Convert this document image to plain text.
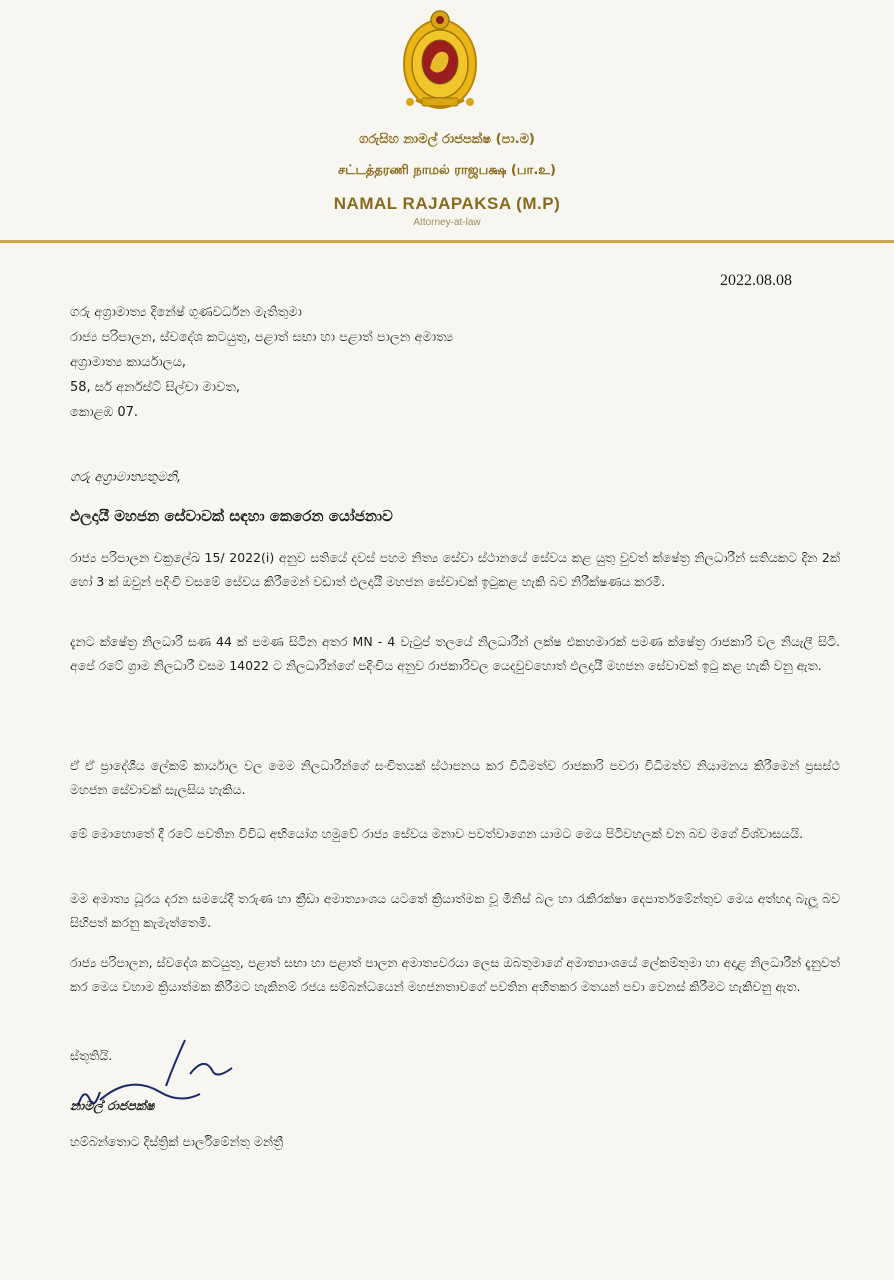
ගරුසිහ නාමල් රාජපක්ෂ (පා.ම)
சட்டத்தரணி நாமல் ராஜபக்ஷ (பா.உ)
NAMAL RAJAPAKSA (M.P)
Attorney-at-law
2022.08.08
ගරු අග්‍රාමාත්‍ය දිනේෂ් ගුණවර්ධන මැතිතුමා
රාජ්‍ය පරිපාලන, ස්වදේශ කටයුතු, පළාත් සභා හා පළාත් පාලන අමාත්‍ය
අග්‍රාමාත්‍ය කාර්යාලය,
58, සර් අර්නස්ට් සිල්වා මාවත,
කොළඹ 07.
ගරු අග්‍රාමාත්‍යතුමනි,
ඵලදායී මහජන සේවාවක් සඳහා කෙරෙන යෝජනාව
රාජ්‍ය පරිපාලන චක්‍රලේඛ 15/ 2022(i) අනුව සතියේ දවස් පහම නිත්‍ය සේවා ස්ථානයේ සේවය කළ යුතු වුවත් ක්ෂේත්‍ර නිලධාරීන් සතියකට දින 2ක් හෝ 3 ක් ඔවුන් පදිංචි වසමේ සේවය කිරීමෙන් වඩාත් ඵලදායී මහජන සේවාවක් ඉටුකළ හැකි බව නිරීක්ෂණය කරමි.
දැනට ක්ෂේත්‍ර නිලධාරී සණ 44 ක් පමණ සිටින අතර MN - 4 වැටුප් තලයේ නිලධාරීන් ලක්ෂ එකහමාරක් පමණ ක්ෂේත්‍ර රාජකාරි වල නියැලී සිටී. අපේ රටේ ග්‍රාම නිලධාරී වසම 14022 ට නිලධාරීන්ගේ පදිංචිය අනුව රාජකාරිවල යෙදවුවහොත් ඵලදායී මහජන සේවාවක් ඉටු කළ හැකි වනු ඇත.
ඒ ඒ ප්‍රාදේශීය ලේකම් කාර්යාල වල මෙම නිලධාරීන්ගේ සංචිතයක් ස්ථාපනය කර විධිමත්ව රාජකාරි පවරා විධිමත්ව නියාමනය කිරීමෙන් ප්‍රසස්ථ මහජන සේවාවක් සැලසිය හැකිය.
මේ මොහොතේ දී රටේ පවතින විවිධ අභියෝග හමුවේ රාජ්‍ය සේවය මනාව පවත්වාගෙන යාමට මෙය පිටිවහලක් වන බව මගේ විශ්වාසයයි.
මම අමාත්‍ය ධූරය දරන සමයේදී තරුණ හා ක්‍රීඩා අමාත්‍යාංශය යටතේ ක්‍රියාත්මක වූ මිනිස් බල හා රැකිරක්ෂා දෙපාර්තමේන්තුව මෙය අත්හදා බැලූ බව සිහිපත් කරනු කැමැත්තෙමි.
රාජ්‍ය පරිපාලන, ස්වදේශ කටයුතු, පළාත් සභා හා පළාත් පාලන අමාත්‍යවරයා ලෙස ඔබතුමාගේ අමාත්‍යාංශයේ ලේකම්තුමා හා අදාළ නිලධාරීන් දැනුවත් කර මෙය වහාම ක්‍රියාත්මක කිරීමට හැකිනම් රජය සම්බන්ධයෙන් මහජනතාවගේ පවතින අහිතකර මතයන් පවා වෙනස් කිරීමට හැකිවනු ඇත.
ස්තූතියි.
නාමල් රාජපක්ෂ
හම්බන්තොට දිස්ත්‍රික් පාර්ලිමේන්තු මන්ත්‍රී
